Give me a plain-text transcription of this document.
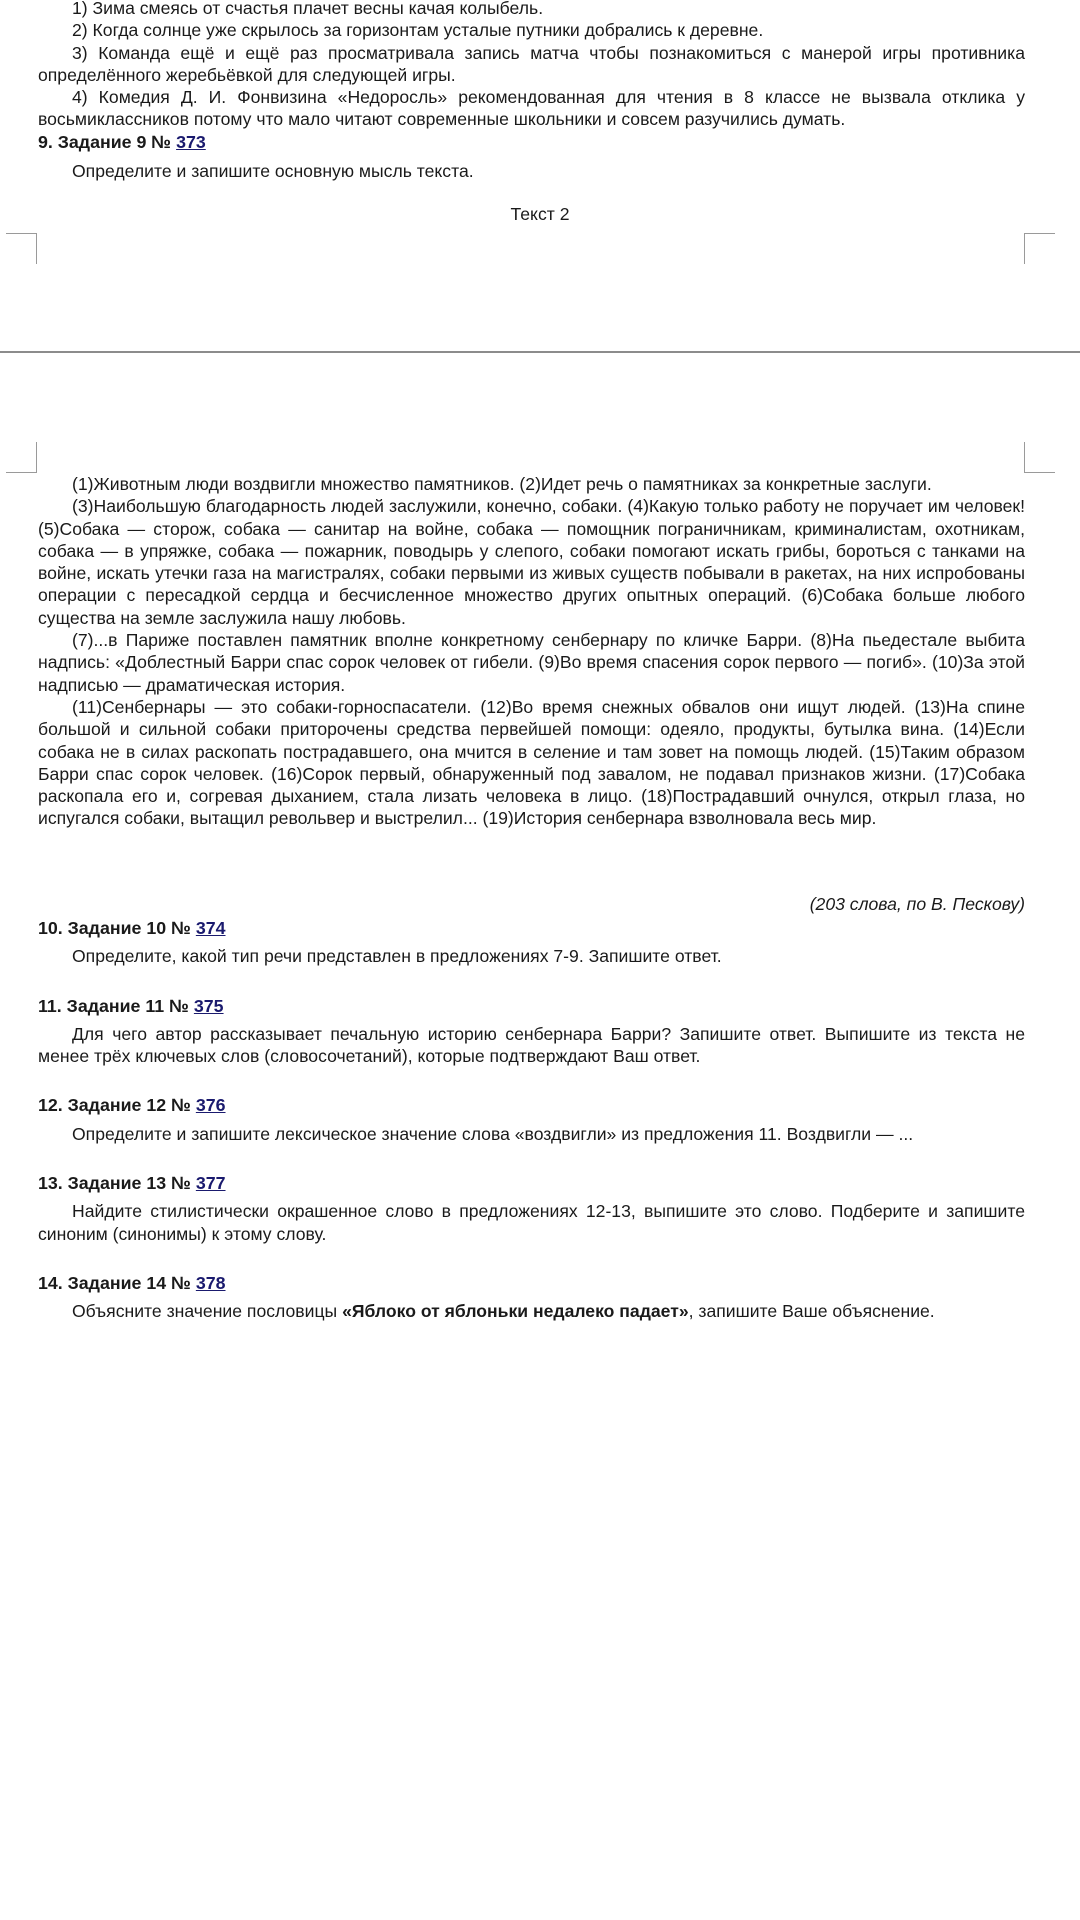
1) Зима смеясь от счастья плачет весны качая колыбель.

2) Когда солнце уже скрылось за горизонтам усталые путники добрались к деревне.

3) Команда ещё и ещё раз просматривала запись матча чтобы познакомиться с манерой игры противника определённого жеребьёвкой для следующей игры.

4) Комедия Д. И. Фонвизина «Недоросль» рекомендованная для чтения в 8 классе не вызвала отклика у восьмиклассников потому что мало читают современные школьники и совсем разучились думать.

9. Задание 9 № 373

Определите и запишите основную мысль текста.

Текст 2

(1)Животным люди воздвигли множество памятников. (2)Идет речь о памятниках за конкретные заслуги.

(3)Наибольшую благодарность людей заслужили, конечно, собаки. (4)Какую только работу не поручает им человек! (5)Собака — сторож, собака — санитар на войне, собака — помощник пограничникам, криминалистам, охотникам, собака — в упряжке, собака — пожарник, поводырь у слепого, собаки помогают искать грибы, бороться с танками на войне, искать утечки газа на магистралях, собаки первыми из живых существ побывали в ракетах, на них испробованы операции с пересадкой сердца и бесчисленное множество других опытных операций. (6)Собака больше любого существа на земле заслужила нашу любовь.

(7)...в Париже поставлен памятник вполне конкретному сенбернару по кличке Барри. (8)На пьедестале выбита надпись: «Доблестный Барри спас сорок человек от гибели. (9)Во время спасения сорок первого — погиб». (10)За этой надписью — драматическая история.

(11)Сенбернары — это собаки-горноспасатели. (12)Во время снежных обвалов они ищут людей. (13)На спине большой и сильной собаки приторочены средства первейшей помощи: одеяло, продукты, бутылка вина. (14)Если собака не в силах раскопать пострадавшего, она мчится в селение и там зовет на помощь людей. (15)Таким образом Барри спас сорок человек. (16)Сорок первый, обнаруженный под завалом, не подавал признаков жизни. (17)Собака раскопала его и, согревая дыханием, стала лизать человека в лицо. (18)Пострадавший очнулся, открыл глаза, но испугался собаки, вытащил револьвер и выстрелил... (19)История сенбернара взволновала весь мир.

(203 слова, по В. Пескову)

10. Задание 10 № 374

Определите, какой тип речи представлен в предложениях 7-9. Запишите ответ.

11. Задание 11 № 375

Для чего автор рассказывает печальную историю сенбернара Барри? Запишите ответ. Выпишите из текста не менее трёх ключевых слов (словосочетаний), которые подтверждают Ваш ответ.

12. Задание 12 № 376

Определите и запишите лексическое значение слова «воздвигли» из предложения 11. Воздвигли — ...

13. Задание 13 № 377

Найдите стилистически окрашенное слово в предложениях 12-13, выпишите это слово. Подберите и запишите синоним (синонимы) к этому слову.

14. Задание 14 № 378

Объясните значение пословицы «Яблоко от яблоньки недалеко падает», запишите Ваше объяснение.
